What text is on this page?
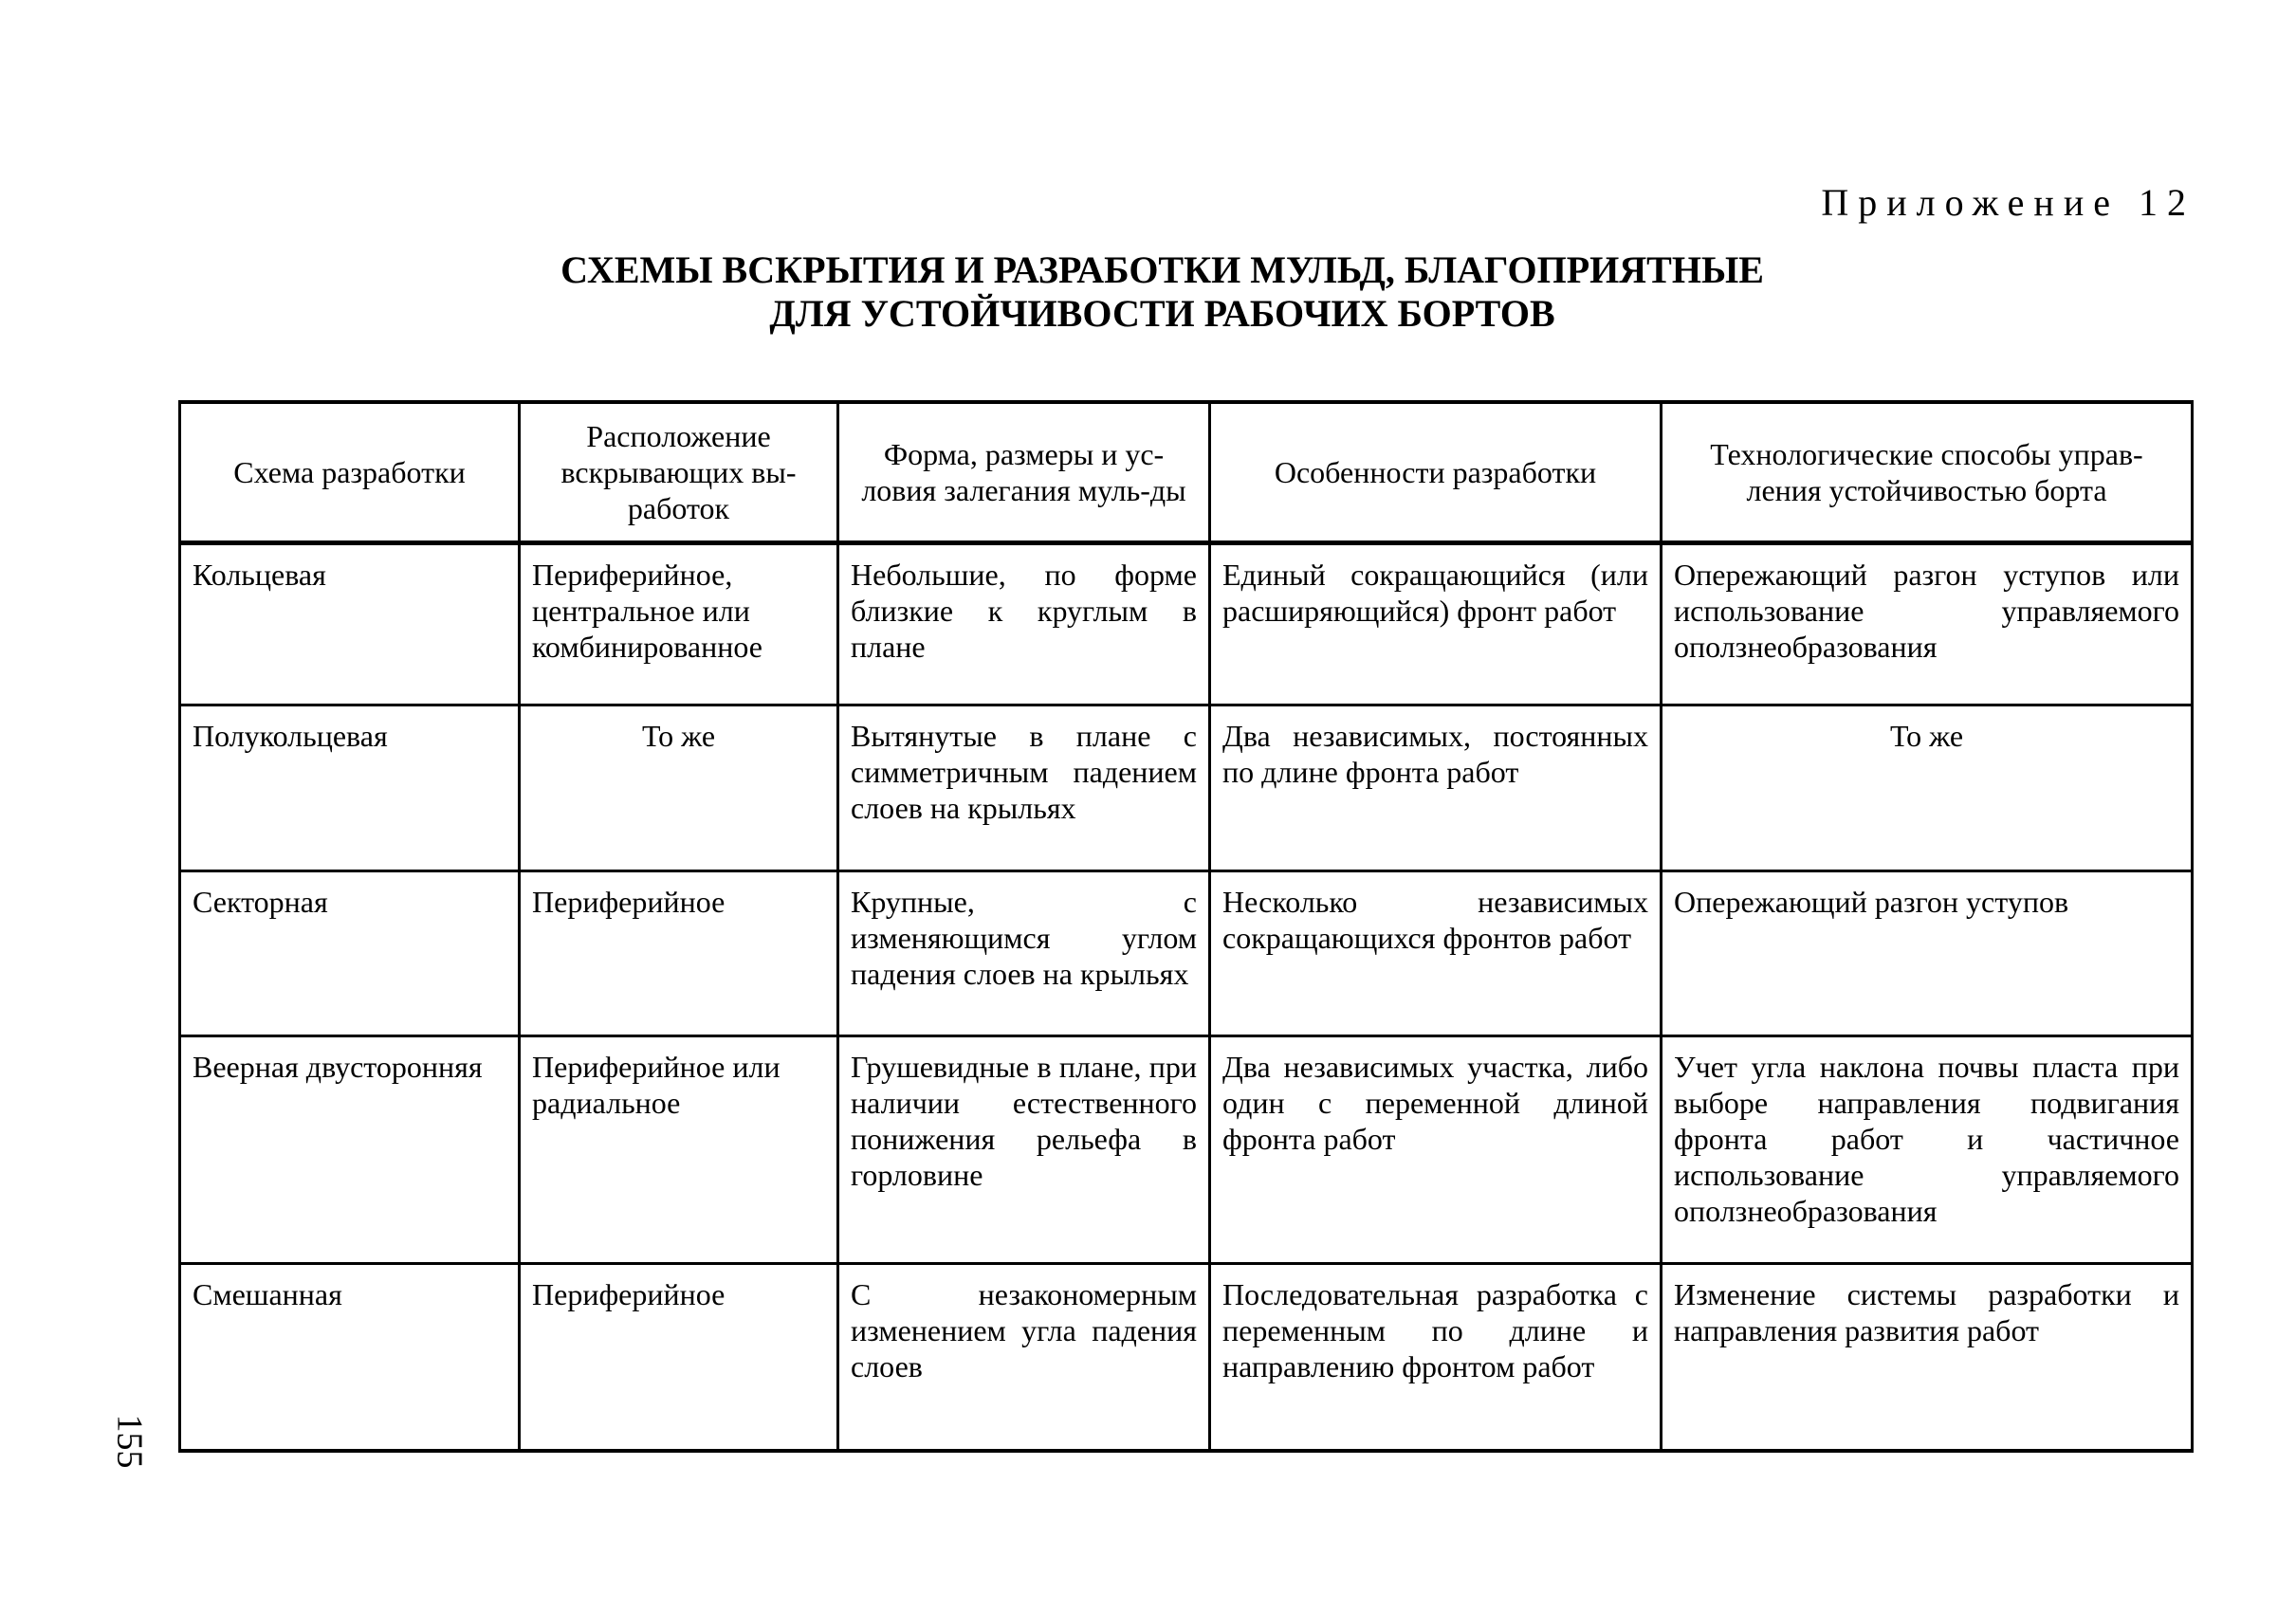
Приложение 12
СХЕМЫ ВСКРЫТИЯ И РАЗРАБОТКИ МУЛЬД, БЛАГОПРИЯТНЫЕ
ДЛЯ УСТОЙЧИВОСТИ РАБОЧИХ БОРТОВ
Схема разработки	Расположение вскрывающих вы-работок	Форма, размеры и ус-ловия залегания муль-ды	Особенности разработки	Технологические способы управ-ления устойчивостью борта
Кольцевая	Периферийное, центральное или комбинированное	Небольшие, по форме близкие к круглым в плане	Единый сокращающийся (или расширяющийся) фронт работ	Опережающий разгон уступов или использование управляемого оползнеобразования
Полукольцевая	То же	Вытянутые в плане с симметричным падением слоев на крыльях	Два независимых, постоянных по длине фронта работ	То же
Секторная	Периферийное	Крупные, с изменяющимся углом падения слоев на крыльях	Несколько независимых сокращающихся фронтов работ	Опережающий разгон уступов
Веерная двусторонняя	Периферийное или радиальное	Грушевидные в плане, при наличии естественного понижения рельефа в горловине	Два независимых участка, либо один с переменной длиной фронта работ	Учет угла наклона почвы пласта при выборе направления подвигания фронта работ и частичное использование управляемого оползнеобразования
Смешанная	Периферийное	С незакономерным изменением угла падения слоев	Последовательная разработка с переменным по длине и направлению фронтом работ	Изменение системы разработки и направления развития работ
155
